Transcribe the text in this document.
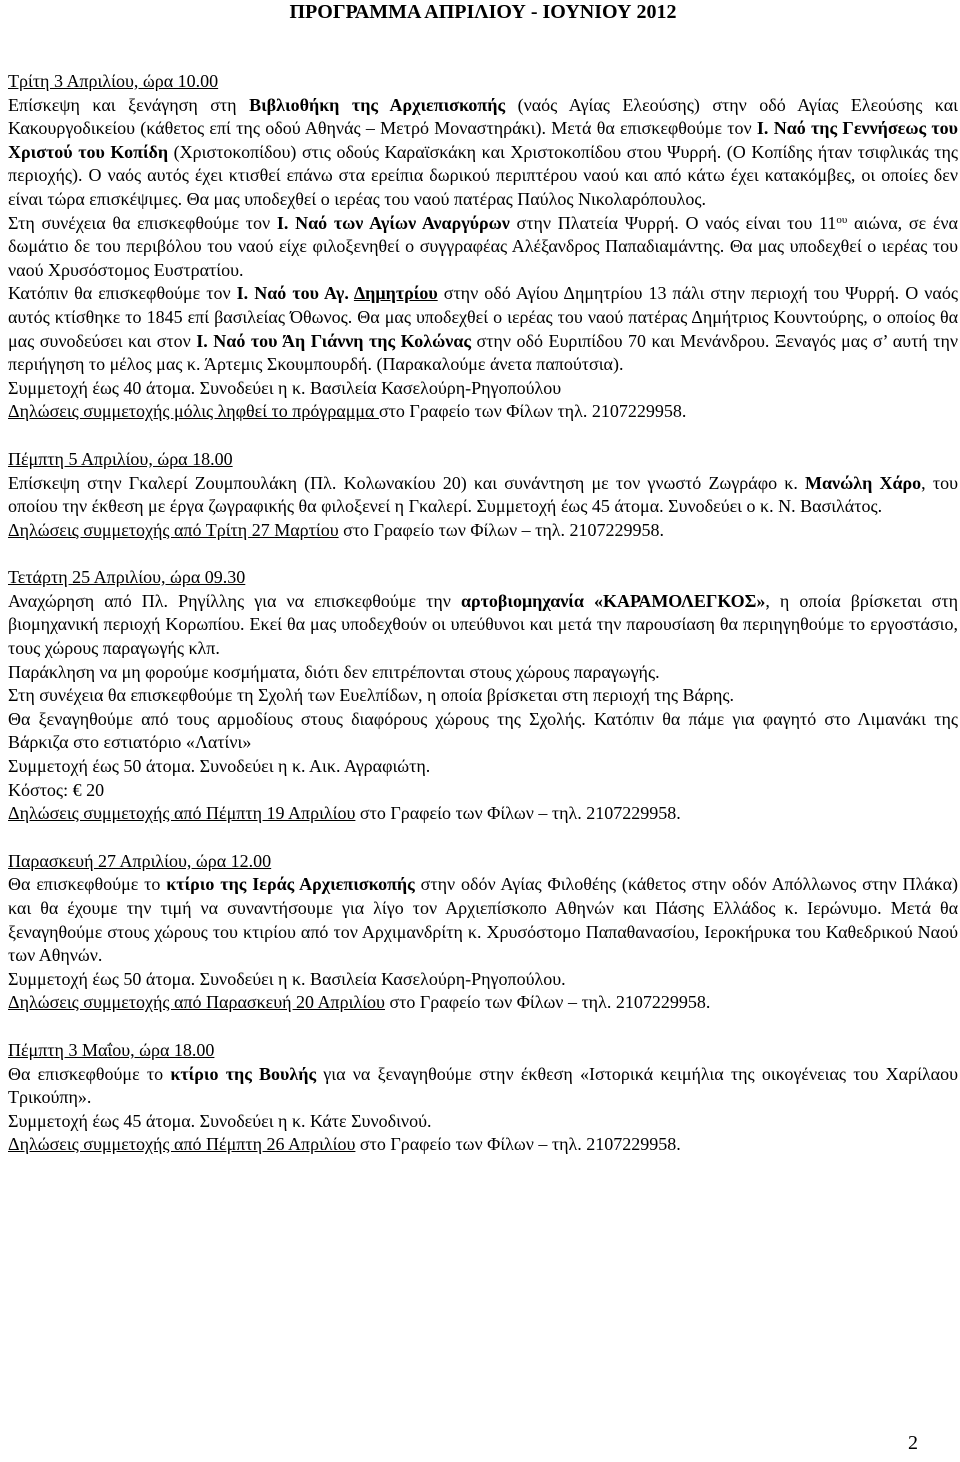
ΠΡΟΓΡΑΜΜΑ ΑΠΡΙΛΙΟΥ - ΙΟΥΝΙΟΥ 2012

Τρίτη 3 Απριλίου, ώρα 10.00

Επίσκεψη και ξενάγηση στη Βιβλιοθήκη της Αρχιεπισκοπής (ναός Αγίας Ελεούσης) στην οδό Αγίας Ελεούσης και Κακουργοδικείου (κάθετος επί της οδού Αθηνάς – Μετρό Μοναστηράκι). Μετά θα επισκεφθούμε τον Ι. Ναό της Γεννήσεως του Χριστού του Κοπίδη (Χριστοκοπίδου) στις οδούς Καραϊσκάκη και Χριστοκοπίδου στου Ψυρρή. (Ο Κοπίδης ήταν τσιφλικάς της περιοχής). Ο ναός αυτός έχει κτισθεί επάνω στα ερείπια δωρικού περιπτέρου ναού και από κάτω έχει κατακόμβες, οι οποίες δεν είναι τώρα επισκέψιμες. Θα μας υποδεχθεί ο ιερέας του ναού πατέρας Παύλος Νικολαρόπουλος.

Στη συνέχεια θα επισκεφθούμε τον Ι. Ναό των Αγίων Αναργύρων στην Πλατεία Ψυρρή. Ο ναός είναι του $11^{o\upsilon}$ αιώνα, σε ένα δωμάτιο δε του περιβόλου του ναού είχε φιλοξενηθεί ο συγγραφέας Αλέξανδρος Παπαδιαμάντης. Θα μας υποδεχθεί ο ιερέας του ναού Χρυσόστομος Ευστρατίου.

Κατόπιν θα επισκεφθούμε τον Ι. Ναό του Αγ. Δημητρίου στην οδό Αγίου Δημητρίου 13 πάλι στην περιοχή του Ψυρρή. Ο ναός αυτός κτίσθηκε το 1845 επί βασιλείας Όθωνος. Θα μας υποδεχθεί ο ιερέας του ναού πατέρας Δημήτριος Κουντούρης, ο οποίος θα μας συνοδεύσει και στον Ι. Ναό του Άη Γιάννη της Κολώνας στην οδό Ευριπίδου 70 και Μενάνδρου. Ξεναγός μας σ’ αυτή την περιήγηση το μέλος μας κ. Άρτεμις Σκουμπουρδή. (Παρακαλούμε άνετα παπούτσια).

Συμμετοχή έως 40 άτομα. Συνοδεύει η κ. Βασιλεία Κασελούρη-Ρηγοπούλου

Δηλώσεις συμμετοχής μόλις ληφθεί το πρόγραμμα στο Γραφείο των Φίλων τηλ. 2107229958.

Πέμπτη 5 Απριλίου, ώρα 18.00

Επίσκεψη στην Γκαλερί Ζουμπουλάκη (Πλ. Κολωνακίου 20) και συνάντηση με τον γνωστό Ζωγράφο κ. Μανώλη Χάρο, του οποίου την έκθεση με έργα ζωγραφικής θα φιλοξενεί η Γκαλερί. Συμμετοχή έως 45 άτομα. Συνοδεύει ο κ. Ν. Βασιλάτος.

Δηλώσεις συμμετοχής από Τρίτη 27 Μαρτίου στο Γραφείο των Φίλων – τηλ. 2107229958.

Τετάρτη 25 Απριλίου, ώρα 09.30

Αναχώρηση από Πλ. Ρηγίλλης για να επισκεφθούμε την αρτοβιομηχανία «ΚΑΡΑΜΟΛΕΓΚΟΣ», η οποία βρίσκεται στη βιομηχανική περιοχή Κορωπίου. Εκεί θα μας υποδεχθούν οι υπεύθυνοι και μετά την παρουσίαση θα περιηγηθούμε το εργοστάσιο, τους χώρους παραγωγής κλπ.

Παράκληση να μη φορούμε κοσμήματα, διότι δεν επιτρέπονται στους χώρους παραγωγής.

Στη συνέχεια θα επισκεφθούμε τη Σχολή των Ευελπίδων, η οποία βρίσκεται στη περιοχή της Βάρης.

Θα ξεναγηθούμε από τους αρμοδίους στους διαφόρους χώρους της Σχολής. Κατόπιν θα πάμε για φαγητό στο Λιμανάκι της Βάρκιζα στο εστιατόριο «Λατίνι»

Συμμετοχή έως 50 άτομα. Συνοδεύει η κ. Αικ. Αγραφιώτη.

Κόστος: € 20

Δηλώσεις συμμετοχής από Πέμπτη 19 Απριλίου στο Γραφείο των Φίλων – τηλ. 2107229958.

Παρασκευή 27 Απριλίου, ώρα 12.00

Θα επισκεφθούμε το κτίριο της Ιεράς Αρχιεπισκοπής στην οδόν Αγίας Φιλοθέης (κάθετος στην οδόν Απόλλωνος στην Πλάκα) και θα έχουμε την τιμή να συναντήσουμε για λίγο τον Αρχιεπίσκοπο Αθηνών και Πάσης Ελλάδος κ. Ιερώνυμο. Μετά θα ξεναγηθούμε στους χώρους του κτιρίου από τον Αρχιμανδρίτη κ. Χρυσόστομο Παπαθανασίου, Ιεροκήρυκα του Καθεδρικού Ναού των Αθηνών.

Συμμετοχή έως 50 άτομα. Συνοδεύει η κ. Βασιλεία Κασελούρη-Ρηγοπούλου.

Δηλώσεις συμμετοχής από Παρασκευή 20 Απριλίου στο Γραφείο των Φίλων – τηλ. 2107229958.

Πέμπτη 3 Μαΐου, ώρα 18.00

Θα επισκεφθούμε το κτίριο της Βουλής για να ξεναγηθούμε στην έκθεση «Ιστορικά κειμήλια της οικογένειας του Χαρίλαου Τρικούπη».

Συμμετοχή έως 45 άτομα. Συνοδεύει η κ. Κάτε Συνοδινού.

Δηλώσεις συμμετοχής από Πέμπτη 26 Απριλίου στο Γραφείο των Φίλων – τηλ. 2107229958.

2
